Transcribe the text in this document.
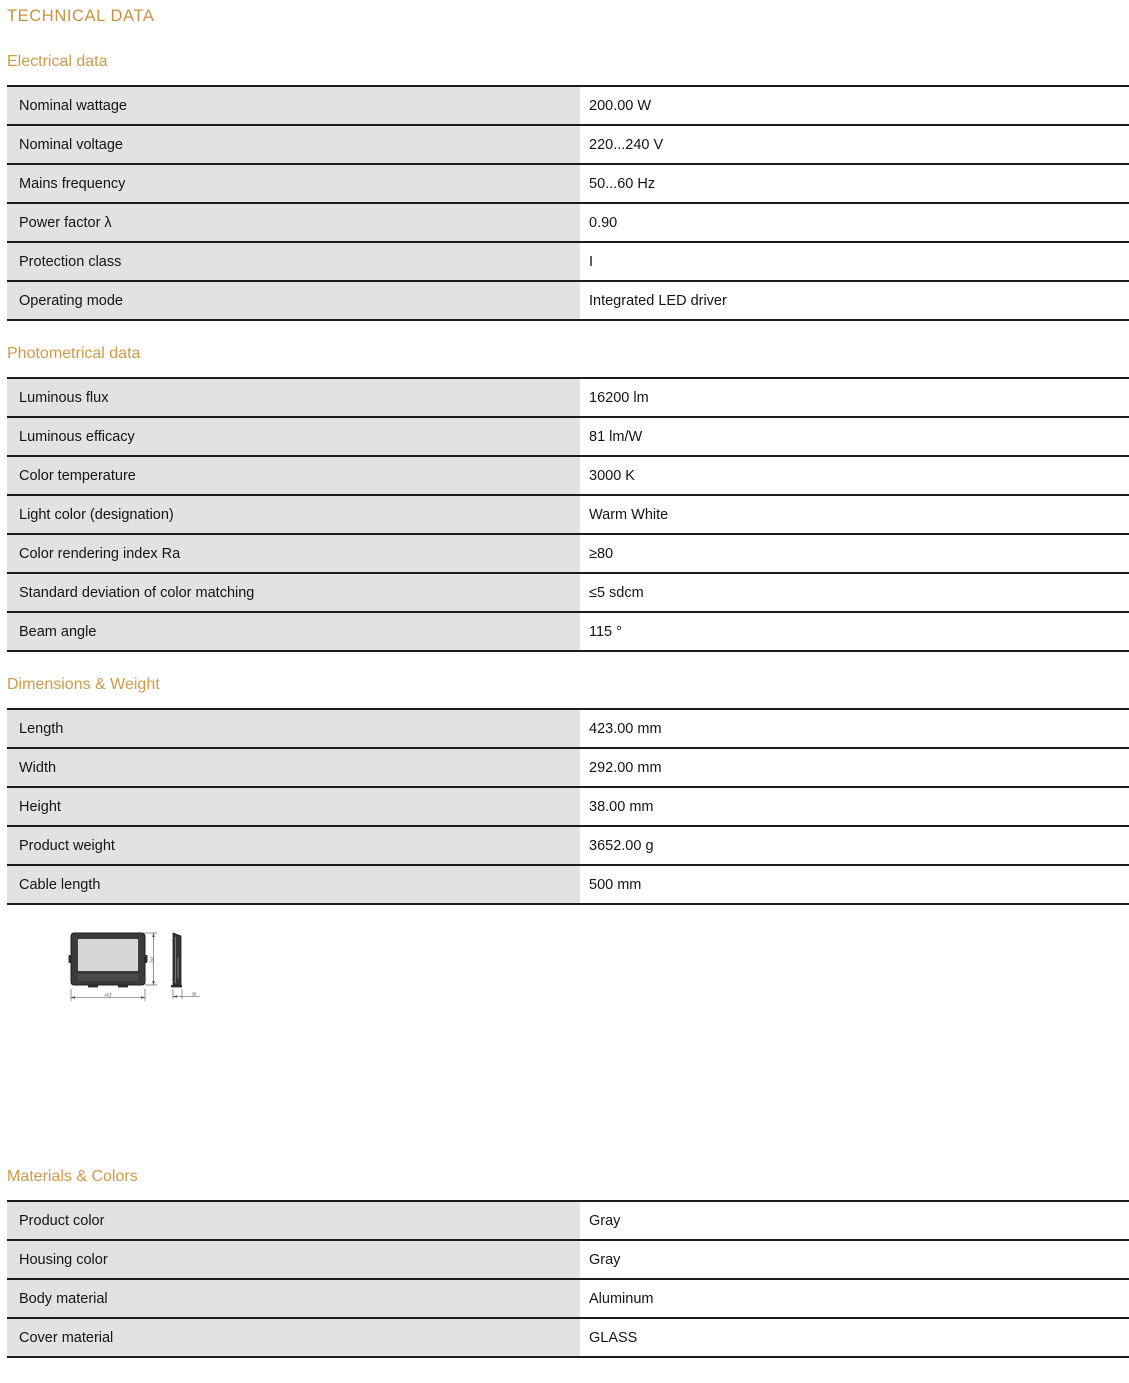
TECHNICAL DATA
Electrical data
Nominal wattage	200.00 W
Nominal voltage	220...240 V
Mains frequency	50...60 Hz
Power factor λ	0.90
Protection class	I
Operating mode	Integrated LED driver
Photometrical data
Luminous flux	16200 lm
Luminous efficacy	81 lm/W
Color temperature	3000 K
Light color (designation)	Warm White
Color rendering index Ra	≥80
Standard deviation of color matching	≤5 sdcm
Beam angle	115 °
Dimensions & Weight
Length	423.00 mm
Width	292.00 mm
Height	38.00 mm
Product weight	3652.00 g
Cable length	500 mm
423
292
38
Materials & Colors
Product color	Gray
Housing color	Gray
Body material	Aluminum
Cover material	GLASS
